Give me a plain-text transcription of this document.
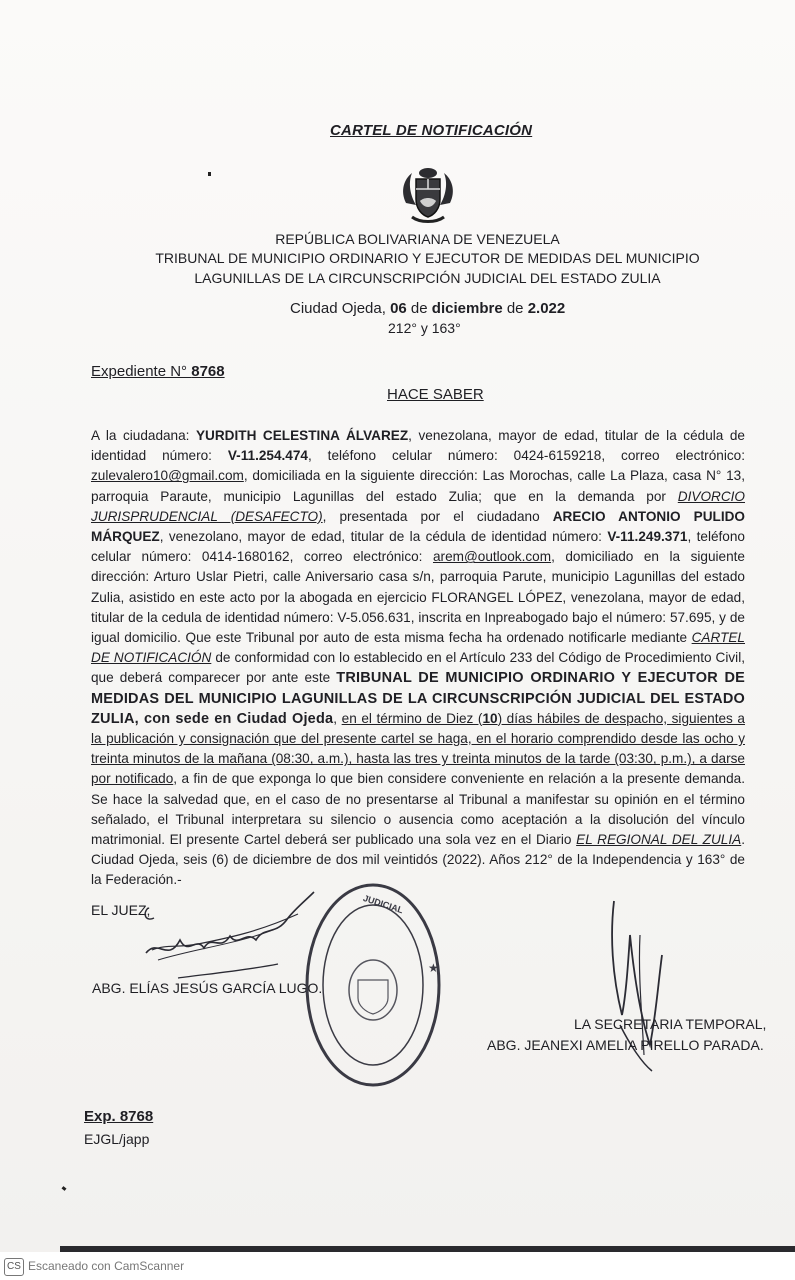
CARTEL DE NOTIFICACIÓN
REPÚBLICA BOLIVARIANA DE VENEZUELA
TRIBUNAL DE MUNICIPIO ORDINARIO Y EJECUTOR DE MEDIDAS DEL MUNICIPIO
LAGUNILLAS DE LA CIRCUNSCRIPCIÓN JUDICIAL DEL ESTADO ZULIA
Ciudad Ojeda, 06 de diciembre de 2.022
212° y 163°
Expediente N° 8768
HACE SABER
A la ciudadana: YURDITH CELESTINA ÁLVAREZ, venezolana, mayor de edad, titular de la cédula de identidad número: V-11.254.474, teléfono celular número: 0424-6159218, correo electrónico: zulevalero10@gmail.com, domiciliada en la siguiente dirección: Las Morochas, calle La Plaza, casa N° 13, parroquia Paraute, municipio Lagunillas del estado Zulia; que en la demanda por DIVORCIO JURISPRUDENCIAL (DESAFECTO), presentada por el ciudadano ARECIO ANTONIO PULIDO MÁRQUEZ, venezolano, mayor de edad, titular de la cédula de identidad número: V-11.249.371, teléfono celular número: 0414-1680162, correo electrónico: arem@outlook.com, domiciliado en la siguiente dirección: Arturo Uslar Pietri, calle Aniversario casa s/n, parroquia Parute, municipio Lagunillas del estado Zulia, asistido en este acto por la abogada en ejercicio FLORANGEL LÓPEZ, venezolana, mayor de edad, titular de la cedula de identidad número: V-5.056.631, inscrita en Inpreabogado bajo el número: 57.695, y de igual domicilio. Que este Tribunal por auto de esta misma fecha ha ordenado notificarle mediante CARTEL DE NOTIFICACIÓN de conformidad con lo establecido en el Artículo 233 del Código de Procedimiento Civil, que deberá comparecer por ante este TRIBUNAL DE MUNICIPIO ORDINARIO Y EJECUTOR DE MEDIDAS DEL MUNICIPIO LAGUNILLAS DE LA CIRCUNSCRIPCIÓN JUDICIAL DEL ESTADO ZULIA, con sede en Ciudad Ojeda, en el término de Diez (10) días hábiles de despacho, siguientes a la publicación y consignación que del presente cartel se haga, en el horario comprendido desde las ocho y treinta minutos de la mañana (08:30, a.m.), hasta las tres y treinta minutos de la tarde (03:30, p.m.), a darse por notificado, a fin de que exponga lo que bien considere conveniente en relación a la presente demanda. Se hace la salvedad que, en el caso de no presentarse al Tribunal a manifestar su opinión en el término señalado, el Tribunal interpretara su silencio o ausencia como aceptación a la disolución del vínculo matrimonial. El presente Cartel deberá ser publicado una sola vez en el Diario EL REGIONAL DEL ZULIA. Ciudad Ojeda, seis (6) de diciembre de dos mil veintidós (2022). Años 212° de la Independencia y 163° de la Federación.-
EL JUEZ;
ABG. ELÍAS JESÚS GARCÍA LUGO.
JUDICIAL
★
LA SECRETARIA TEMPORAL,
ABG. JEANEXI AMELIA PIRELLO PARADA.
Exp. 8768
EJGL/japp
CS Escaneado con CamScanner
